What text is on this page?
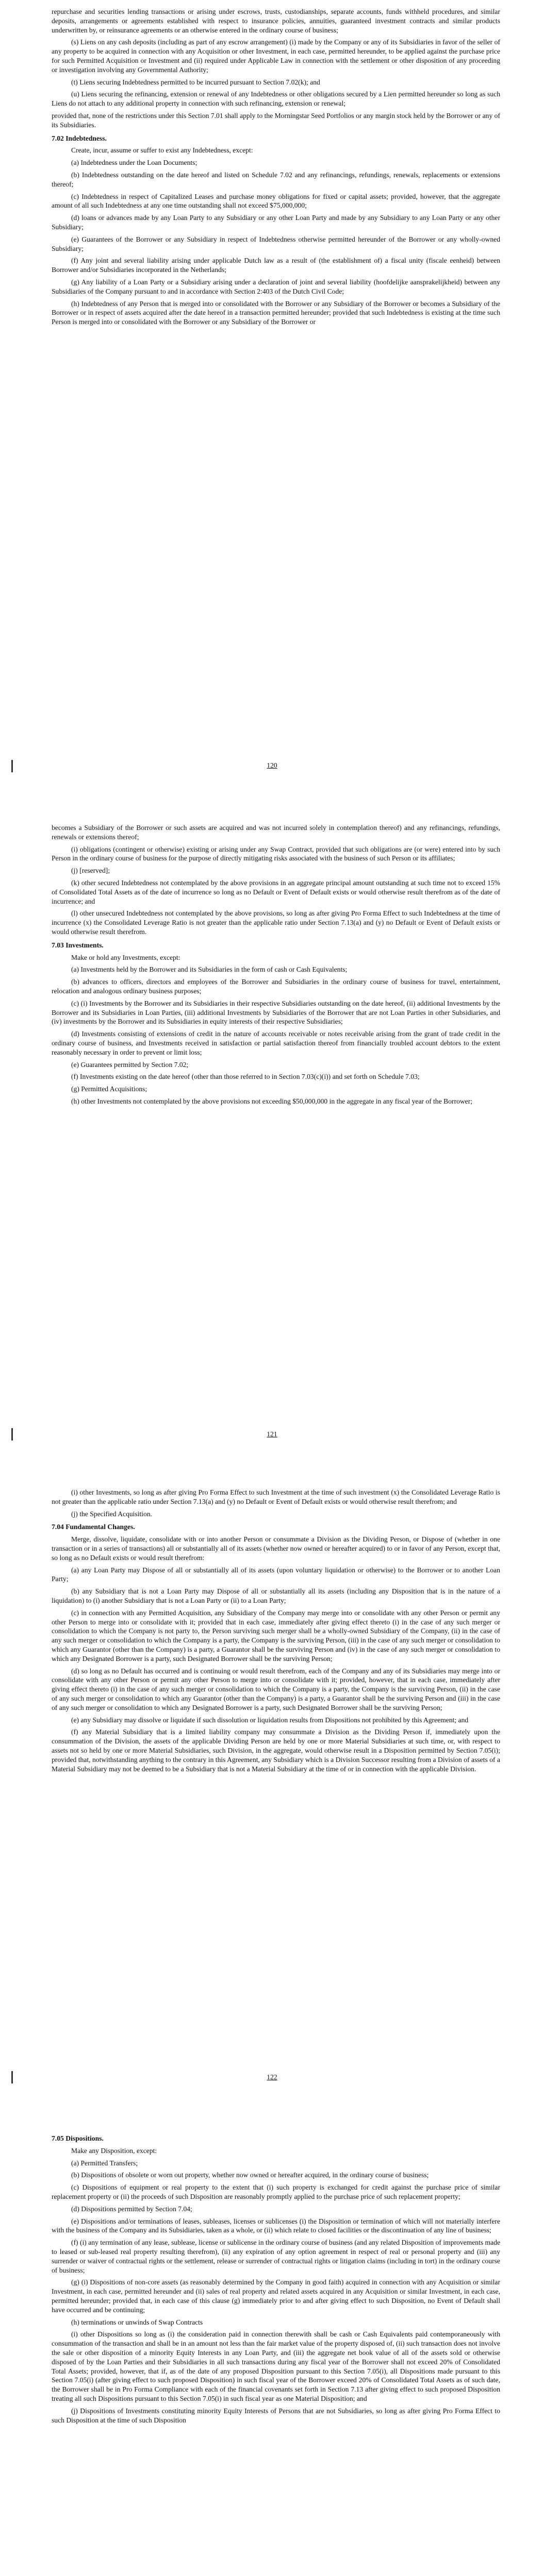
repurchase and securities lending transactions or arising under escrows, trusts, custodianships, separate accounts, funds withheld procedures, and similar deposits, arrangements or agreements established with respect to insurance policies, annuities, guaranteed investment contracts and similar products underwritten by, or reinsurance agreements or an otherwise entered in the ordinary course of business;

(s) Liens on any cash deposits (including as part of any escrow arrangement) (i) made by the Company or any of its Subsidiaries in favor of the seller of any property to be acquired in connection with any Acquisition or other Investment, in each case, permitted hereunder, to be applied against the purchase price for such Permitted Acquisition or Investment and (ii) required under Applicable Law in connection with the settlement or other disposition of any proceeding or investigation involving any Governmental Authority;

(t) Liens securing Indebtedness permitted to be incurred pursuant to Section 7.02(k); and

(u) Liens securing the refinancing, extension or renewal of any Indebtedness or other obligations secured by a Lien permitted hereunder so long as such Liens do not attach to any additional property in connection with such refinancing, extension or renewal;

provided that, none of the restrictions under this Section 7.01 shall apply to the Morningstar Seed Portfolios or any margin stock held by the Borrower or any of its Subsidiaries.

7.02 Indebtedness.

Create, incur, assume or suffer to exist any Indebtedness, except:

(a) Indebtedness under the Loan Documents;

(b) Indebtedness outstanding on the date hereof and listed on Schedule 7.02 and any refinancings, refundings, renewals, replacements or extensions thereof;

(c) Indebtedness in respect of Capitalized Leases and purchase money obligations for fixed or capital assets; provided, however, that the aggregate amount of all such Indebtedness at any one time outstanding shall not exceed $75,000,000;

(d) loans or advances made by any Loan Party to any Subsidiary or any other Loan Party and made by any Subsidiary to any Loan Party or any other Subsidiary;

(e) Guarantees of the Borrower or any Subsidiary in respect of Indebtedness otherwise permitted hereunder of the Borrower or any wholly-owned Subsidiary;

(f) Any joint and several liability arising under applicable Dutch law as a result of (the establishment of) a fiscal unity (fiscale eenheid) between Borrower and/or Subsidiaries incorporated in the Netherlands;

(g) Any liability of a Loan Party or a Subsidiary arising under a declaration of joint and several liability (hoofdelijke aansprakelijkheid) between any Subsidiaries of the Company pursuant to and in accordance with Section 2:403 of the Dutch Civil Code;

(h) Indebtedness of any Person that is merged into or consolidated with the Borrower or any Subsidiary of the Borrower or becomes a Subsidiary of the Borrower or in respect of assets acquired after the date hereof in a transaction permitted hereunder; provided that such Indebtedness is existing at the time such Person is merged into or consolidated with the Borrower or any Subsidiary of the Borrower or

120

becomes a Subsidiary of the Borrower or such assets are acquired and was not incurred solely in contemplation thereof) and any refinancings, refundings, renewals or extensions thereof;

(i) obligations (contingent or otherwise) existing or arising under any Swap Contract, provided that such obligations are (or were) entered into by such Person in the ordinary course of business for the purpose of directly mitigating risks associated with the business of such Person or its affiliates;

(j) [reserved];

(k) other secured Indebtedness not contemplated by the above provisions in an aggregate principal amount outstanding at such time not to exceed 15% of Consolidated Total Assets as of the date of incurrence so long as no Default or Event of Default exists or would otherwise result therefrom as of the date of incurrence; and

(l) other unsecured Indebtedness not contemplated by the above provisions, so long as after giving Pro Forma Effect to such Indebtedness at the time of incurrence (x) the Consolidated Leverage Ratio is not greater than the applicable ratio under Section 7.13(a) and (y) no Default or Event of Default exists or would otherwise result therefrom.

7.03 Investments.

Make or hold any Investments, except:

(a) Investments held by the Borrower and its Subsidiaries in the form of cash or Cash Equivalents;

(b) advances to officers, directors and employees of the Borrower and Subsidiaries in the ordinary course of business for travel, entertainment, relocation and analogous ordinary business purposes;

(c) (i) Investments by the Borrower and its Subsidiaries in their respective Subsidiaries outstanding on the date hereof, (ii) additional Investments by the Borrower and its Subsidiaries in Loan Parties, (iii) additional Investments by Subsidiaries of the Borrower that are not Loan Parties in other Subsidiaries, and (iv) investments by the Borrower and its Subsidiaries in equity interests of their respective Subsidiaries;

(d) Investments consisting of extensions of credit in the nature of accounts receivable or notes receivable arising from the grant of trade credit in the ordinary course of business, and Investments received in satisfaction or partial satisfaction thereof from financially troubled account debtors to the extent reasonably necessary in order to prevent or limit loss;

(e) Guarantees permitted by Section 7.02;

(f) Investments existing on the date hereof (other than those referred to in Section 7.03(c)(i)) and set forth on Schedule 7.03;

(g) Permitted Acquisitions;

(h) other Investments not contemplated by the above provisions not exceeding $50,000,000 in the aggregate in any fiscal year of the Borrower;

121

(i) other Investments, so long as after giving Pro Forma Effect to such Investment at the time of such investment (x) the Consolidated Leverage Ratio is not greater than the applicable ratio under Section 7.13(a) and (y) no Default or Event of Default exists or would otherwise result therefrom; and

(j) the Specified Acquisition.

7.04 Fundamental Changes.

Merge, dissolve, liquidate, consolidate with or into another Person or consummate a Division as the Dividing Person, or Dispose of (whether in one transaction or in a series of transactions) all or substantially all of its assets (whether now owned or hereafter acquired) to or in favor of any Person, except that, so long as no Default exists or would result therefrom:

(a) any Loan Party may Dispose of all or substantially all of its assets (upon voluntary liquidation or otherwise) to the Borrower or to another Loan Party;

(b) any Subsidiary that is not a Loan Party may Dispose of all or substantially all its assets (including any Disposition that is in the nature of a liquidation) to (i) another Subsidiary that is not a Loan Party or (ii) to a Loan Party;

(c) in connection with any Permitted Acquisition, any Subsidiary of the Company may merge into or consolidate with any other Person or permit any other Person to merge into or consolidate with it; provided that in each case, immediately after giving effect thereto (i) in the case of any such merger or consolidation to which the Company is not party to, the Person surviving such merger shall be a wholly-owned Subsidiary of the Company, (ii) in the case of any such merger or consolidation to which the Company is a party, the Company is the surviving Person, (iii) in the case of any such merger or consolidation to which any Guarantor (other than the Company) is a party, a Guarantor shall be the surviving Person and (iv) in the case of any such merger or consolidation to which any Designated Borrower is a party, such Designated Borrower shall be the surviving Person;

(d) so long as no Default has occurred and is continuing or would result therefrom, each of the Company and any of its Subsidiaries may merge into or consolidate with any other Person or permit any other Person to merge into or consolidate with it; provided, however, that in each case, immediately after giving effect thereto (i) in the case of any such merger or consolidation to which the Company is a party, the Company is the surviving Person, (ii) in the case of any such merger or consolidation to which any Guarantor (other than the Company) is a party, a Guarantor shall be the surviving Person and (iii) in the case of any such merger or consolidation to which any Designated Borrower is a party, such Designated Borrower shall be the surviving Person;

(e) any Subsidiary may dissolve or liquidate if such dissolution or liquidation results from Dispositions not prohibited by this Agreement; and

(f) any Material Subsidiary that is a limited liability company may consummate a Division as the Dividing Person if, immediately upon the consummation of the Division, the assets of the applicable Dividing Person are held by one or more Material Subsidiaries at such time, or, with respect to assets not so held by one or more Material Subsidiaries, such Division, in the aggregate, would otherwise result in a Disposition permitted by Section 7.05(i); provided that, notwithstanding anything to the contrary in this Agreement, any Subsidiary which is a Division Successor resulting from a Division of assets of a Material Subsidiary may not be deemed to be a Subsidiary that is not a Material Subsidiary at the time of or in connection with the applicable Division.

122

7.05 Dispositions.

Make any Disposition, except:

(a) Permitted Transfers;

(b) Dispositions of obsolete or worn out property, whether now owned or hereafter acquired, in the ordinary course of business;

(c) Dispositions of equipment or real property to the extent that (i) such property is exchanged for credit against the purchase price of similar replacement property or (ii) the proceeds of such Disposition are reasonably promptly applied to the purchase price of such replacement property;

(d) Dispositions permitted by Section 7.04;

(e) Dispositions and/or terminations of leases, subleases, licenses or sublicenses (i) the Disposition or termination of which will not materially interfere with the business of the Company and its Subsidiaries, taken as a whole, or (ii) which relate to closed facilities or the discontinuation of any line of business;

(f) (i) any termination of any lease, sublease, license or sublicense in the ordinary course of business (and any related Disposition of improvements made to leased or sub-leased real property resulting therefrom), (ii) any expiration of any option agreement in respect of real or personal property and (iii) any surrender or waiver of contractual rights or the settlement, release or surrender of contractual rights or litigation claims (including in tort) in the ordinary course of business;

(g) (i) Dispositions of non-core assets (as reasonably determined by the Company in good faith) acquired in connection with any Acquisition or similar Investment, in each case, permitted hereunder and (ii) sales of real property and related assets acquired in any Acquisition or similar Investment, in each case, permitted hereunder; provided that, in each case of this clause (g) immediately prior to and after giving effect to such Disposition, no Event of Default shall have occurred and be continuing;

(h) terminations or unwinds of Swap Contracts

(i) other Dispositions so long as (i) the consideration paid in connection therewith shall be cash or Cash Equivalents paid contemporaneously with consummation of the transaction and shall be in an amount not less than the fair market value of the property disposed of, (ii) such transaction does not involve the sale or other disposition of a minority Equity Interests in any Loan Party, and (iii) the aggregate net book value of all of the assets sold or otherwise disposed of by the Loan Parties and their Subsidiaries in all such transactions during any fiscal year of the Borrower shall not exceed 20% of Consolidated Total Assets; provided, however, that if, as of the date of any proposed Disposition pursuant to this Section 7.05(i), all Dispositions made pursuant to this Section 7.05(i) (after giving effect to such proposed Disposition) in such fiscal year of the Borrower exceed 20% of Consolidated Total Assets as of such date, the Borrower shall be in Pro Forma Compliance with each of the financial covenants set forth in Section 7.13 after giving effect to such proposed Disposition treating all such Dispositions pursuant to this Section 7.05(i) in such fiscal year as one Material Disposition; and

(j) Dispositions of Investments constituting minority Equity Interests of Persons that are not Subsidiaries, so long as after giving Pro Forma Effect to such Disposition at the time of such Disposition
